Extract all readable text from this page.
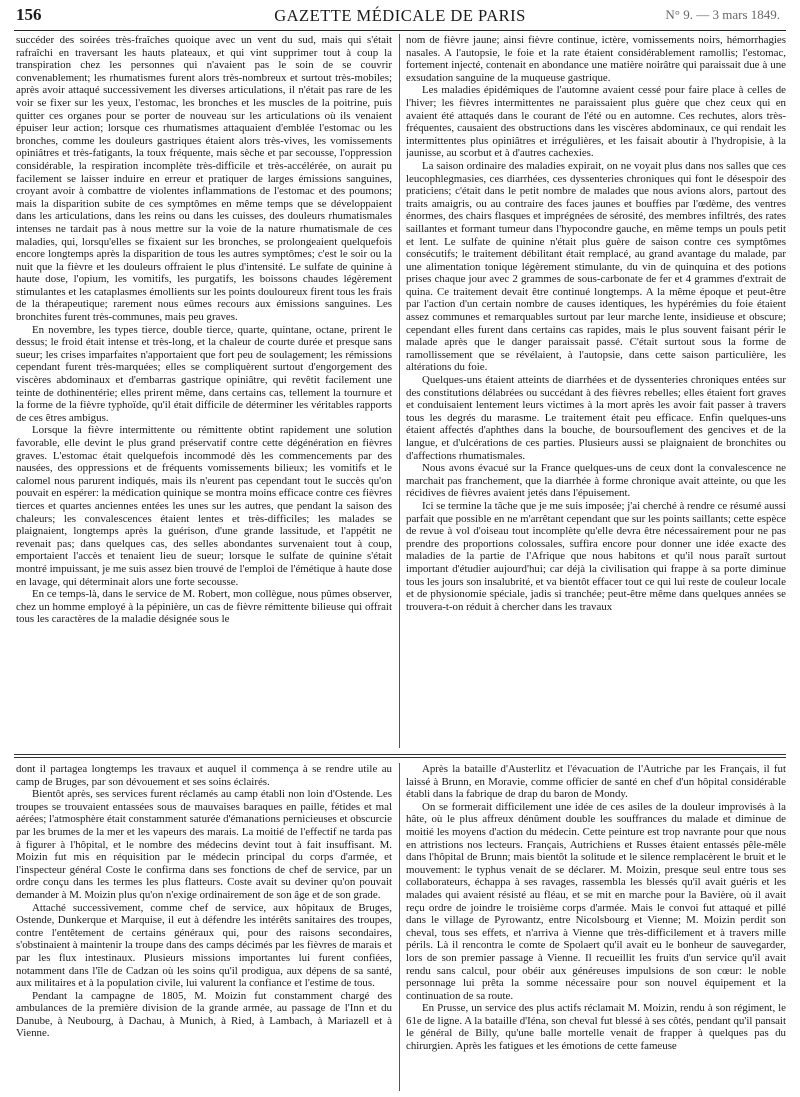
156	GAZETTE MÉDICALE DE PARIS	N° 9. — 3 mars 1849.

succéder des soirées très-fraîches quoique avec un vent du sud, mais qui s'était rafraîchi en traversant les hauts plateaux, et qui vint supprimer tout à coup la transpiration chez les personnes qui n'avaient pas le soin de se couvrir convenablement; les rhumatismes furent alors très-nombreux et surtout très-mobiles; après avoir attaqué successivement les diverses articulations, il n'était pas rare de les voir se fixer sur les yeux, l'estomac, les bronches et les muscles de la poitrine, puis quitter ces organes pour se porter de nouveau sur les articulations où ils venaient épuiser leur action; lorsque ces rhumatismes attaquaient d'emblée l'estomac ou les bronches, comme les douleurs gastriques étaient alors très-vives, les vomissements opiniâtres et très-fatigants, la toux fréquente, mais sèche et par secousse, l'oppression considérable, la respiration incomplète très-difficile et très-accélérée, on aurait pu facilement se laisser induire en erreur et pratiquer de larges émissions sanguines, croyant avoir à combattre de violentes inflammations de l'estomac et des poumons; mais la disparition subite de ces symptômes en même temps que se développaient dans les articulations, dans les reins ou dans les cuisses, des douleurs rhumatismales intenses ne tardait pas à nous mettre sur la voie de la nature rhumatismale de ces maladies, qui, lorsqu'elles se fixaient sur les bronches, se prolongeaient quelquefois encore longtemps après la disparition de tous les autres symptômes; c'est le soir ou la nuit que la fièvre et les douleurs offraient le plus d'intensité. Le sulfate de quinine à haute dose, l'opium, les vomitifs, les purgatifs, les boissons chaudes légèrement stimulantes et les cataplasmes émollients sur les points douloureux firent tous les frais de la thérapeutique; rarement nous eûmes recours aux émissions sanguines. Les bronchites furent très-communes, mais peu graves.

En novembre, les types tierce, double tierce, quarte, quintane, octane, prirent le dessus; le froid était intense et très-long, et la chaleur de courte durée et presque sans sueur; les crises imparfaites n'apportaient que fort peu de soulagement; les rémissions cependant furent très-marquées; elles se compliquèrent surtout d'engorgement des viscères abdominaux et d'embarras gastrique opiniâtre, qui revêtit facilement une teinte de dothinentérie; elles prirent même, dans certains cas, tellement la tournure et la forme de la fièvre typhoïde, qu'il était difficile de déterminer les véritables rapports de ces êtres ambigus.

Lorsque la fièvre intermittente ou rémittente obtint rapidement une solution favorable, elle devint le plus grand préservatif contre cette dégénération en fièvres graves. L'estomac était quelquefois incommodé dès les commencements par des nausées, des oppressions et de fréquents vomissements bilieux; les vomitifs et le calomel nous parurent indiqués, mais ils n'eurent pas cependant tout le succès qu'on pouvait en espérer: la médication quinique se montra moins efficace contre ces fièvres tierces et quartes anciennes entées les unes sur les autres, que pendant la saison des chaleurs; les convalescences étaient lentes et très-difficiles; les malades se plaignaient, longtemps après la guérison, d'une grande lassitude, et l'appétit ne revenait pas; dans quelques cas, des selles abondantes survenaient tout à coup, emportaient l'accès et tenaient lieu de sueur; lorsque le sulfate de quinine s'était montré impuissant, je me suis assez bien trouvé de l'emploi de l'émétique à haute dose en lavage, qui déterminait alors une forte secousse.

En ce temps-là, dans le service de M. Robert, mon collègue, nous pûmes observer, chez un homme employé à la pépinière, un cas de fièvre rémittente bilieuse qui offrait tous les caractères de la maladie désignée sous le

nom de fièvre jaune; ainsi fièvre continue, ictère, vomissements noirs, hémorrhagies nasales. A l'autopsie, le foie et la rate étaient considérablement ramollis; l'estomac, fortement injecté, contenait en abondance une matière noirâtre qui paraissait due à une exsudation sanguine de la muqueuse gastrique.

Les maladies épidémiques de l'automne avaient cessé pour faire place à celles de l'hiver; les fièvres intermittentes ne paraissaient plus guère que chez ceux qui en avaient été attaqués dans le courant de l'été ou en automne. Ces rechutes, alors très-fréquentes, causaient des obstructions dans les viscères abdominaux, ce qui rendait les intermittentes plus opiniâtres et irrégulières, et les faisait aboutir à l'hydropisie, à la jaunisse, au scorbut et à d'autres cachexies.

La saison ordinaire des maladies expirait, on ne voyait plus dans nos salles que ces leucophlegmasies, ces diarrhées, ces dyssenteries chroniques qui font le désespoir des praticiens; c'était dans le petit nombre de malades que nous avions alors, partout des traits amaigris, ou au contraire des faces jaunes et bouffies par l'œdème, des ventres énormes, des chairs flasques et imprégnées de sérosité, des membres infiltrés, des rates saillantes et formant tumeur dans l'hypocondre gauche, en même temps un pouls petit et lent. Le sulfate de quinine n'était plus guère de saison contre ces symptômes consécutifs; le traitement débilitant était remplacé, au grand avantage du malade, par une alimentation tonique légèrement stimulante, du vin de quinquina et des potions prises chaque jour avec 2 grammes de sous-carbonate de fer et 4 grammes d'extrait de quina. Ce traitement devait être continué longtemps. A la même époque et peut-être par l'action d'un certain nombre de causes identiques, les hypérémies du foie étaient assez communes et remarquables surtout par leur marche lente, insidieuse et obscure; cependant elles furent dans certains cas rapides, mais le plus souvent faisant périr le malade après que le danger paraissait passé. C'était surtout sous la forme de ramollissement que se révélaient, à l'autopsie, dans cette saison particulière, les altérations du foie.

Quelques-uns étaient atteints de diarrhées et de dyssenteries chroniques entées sur des constitutions délabrées ou succédant à des fièvres rebelles; elles étaient fort graves et conduisaient lentement leurs victimes à la mort après les avoir fait passer à travers tous les degrés du marasme. Le traitement était peu efficace. Enfin quelques-uns étaient affectés d'aphthes dans la bouche, de boursouflement des gencives et de la langue, et d'ulcérations de ces parties. Plusieurs aussi se plaignaient de bronchites ou d'affections rhumatismales.

Nous avons évacué sur la France quelques-uns de ceux dont la convalescence ne marchait pas franchement, que la diarrhée à forme chronique avait atteinte, ou que les récidives de fièvres avaient jetés dans l'épuisement.

Ici se termine la tâche que je me suis imposée; j'ai cherché à rendre ce résumé aussi parfait que possible en ne m'arrêtant cependant que sur les points saillants; cette espèce de revue à vol d'oiseau tout incomplète qu'elle devra être nécessairement pour ne pas prendre des proportions colossales, suffira encore pour donner une idée exacte des maladies de la partie de l'Afrique que nous habitons et qu'il nous paraît surtout important d'étudier aujourd'hui; car déjà la civilisation qui frappe à sa porte diminue tous les jours son insalubrité, et va bientôt effacer tout ce qui lui reste de couleur locale et de physionomie spéciale, jadis si tranchée; peut-être même dans quelques années se trouvera-t-on réduit à chercher dans les travaux

dont il partagea longtemps les travaux et auquel il commença à se rendre utile au camp de Bruges, par son dévouement et ses soins éclairés.

Bientôt après, ses services furent réclamés au camp établi non loin d'Ostende. Les troupes se trouvaient entassées sous de mauvaises baraques en paille, fétides et mal aérées; l'atmosphère était constamment saturée d'émanations pernicieuses et obscurcie par les brumes de la mer et les vapeurs des marais. La moitié de l'effectif ne tarda pas à figurer à l'hôpital, et le nombre des médecins devint tout à fait insuffisant. M. Moizin fut mis en réquisition par le médecin principal du corps d'armée, et l'inspecteur général Coste le confirma dans ses fonctions de chef de service, par un ordre conçu dans les termes les plus flatteurs. Coste avait su deviner qu'on pouvait demander à M. Moizin plus qu'on n'exige ordinairement de son âge et de son grade.

Attaché successivement, comme chef de service, aux hôpitaux de Bruges, Ostende, Dunkerque et Marquise, il eut à défendre les intérêts sanitaires des troupes, contre l'entêtement de certains généraux qui, pour des raisons secondaires, s'obstinaient à maintenir la troupe dans des camps décimés par les fièvres de marais et par les flux intestinaux. Plusieurs missions importantes lui furent confiées, notamment dans l'île de Cadzan où les soins qu'il prodigua, aux dépens de sa santé, aux militaires et à la population civile, lui valurent la confiance et l'estime de tous.

Pendant la campagne de 1805, M. Moizin fut constamment chargé des ambulances de la première division de la grande armée, au passage de l'Inn et du Danube, à Neubourg, à Dachau, à Munich, à Ried, à Lambach, à Mariazell et à Vienne.

Après la bataille d'Austerlitz et l'évacuation de l'Autriche par les Français, il fut laissé à Brunn, en Moravie, comme officier de santé en chef d'un hôpital considérable établi dans la fabrique de drap du baron de Mondy.

On se formerait difficilement une idée de ces asiles de la douleur improvisés à la hâte, où le plus affreux dénûment double les souffrances du malade et diminue de moitié les moyens d'action du médecin. Cette peinture est trop navrante pour que nous en attristions nos lecteurs. Français, Autrichiens et Russes étaient entassés pêle-mêle dans l'hôpital de Brunn; mais bientôt la solitude et le silence remplacèrent le bruit et le mouvement: le typhus venait de se déclarer. M. Moizin, presque seul entre tous ses collaborateurs, échappa à ses ravages, rassembla les blessés qu'il avait guéris et les malades qui avaient résisté au fléau, et se mit en marche pour la Bavière, où il avait reçu ordre de joindre le troisième corps d'armée. Mais le convoi fut attaqué et pillé dans le village de Pyrowantz, entre Nicolsbourg et Vienne; M. Moizin perdit son cheval, tous ses effets, et n'arriva à Vienne que très-difficilement et à travers mille périls. Là il rencontra le comte de Spolaert qu'il avait eu le bonheur de sauvegarder, lors de son premier passage à Vienne. Il recueillit les fruits d'un service qu'il avait rendu sans calcul, pour obéir aux généreuses impulsions de son cœur: le noble personnage lui prêta la somme nécessaire pour son nouvel équipement et la continuation de sa route.

En Prusse, un service des plus actifs réclamait M. Moizin, rendu à son régiment, le 61e de ligne. A la bataille d'Iéna, son cheval fut blessé à ses côtés, pendant qu'il pansait le général de Billy, qu'une balle mortelle venait de frapper à quelques pas du chirurgien. Après les fatigues et les émotions de cette fameuse
